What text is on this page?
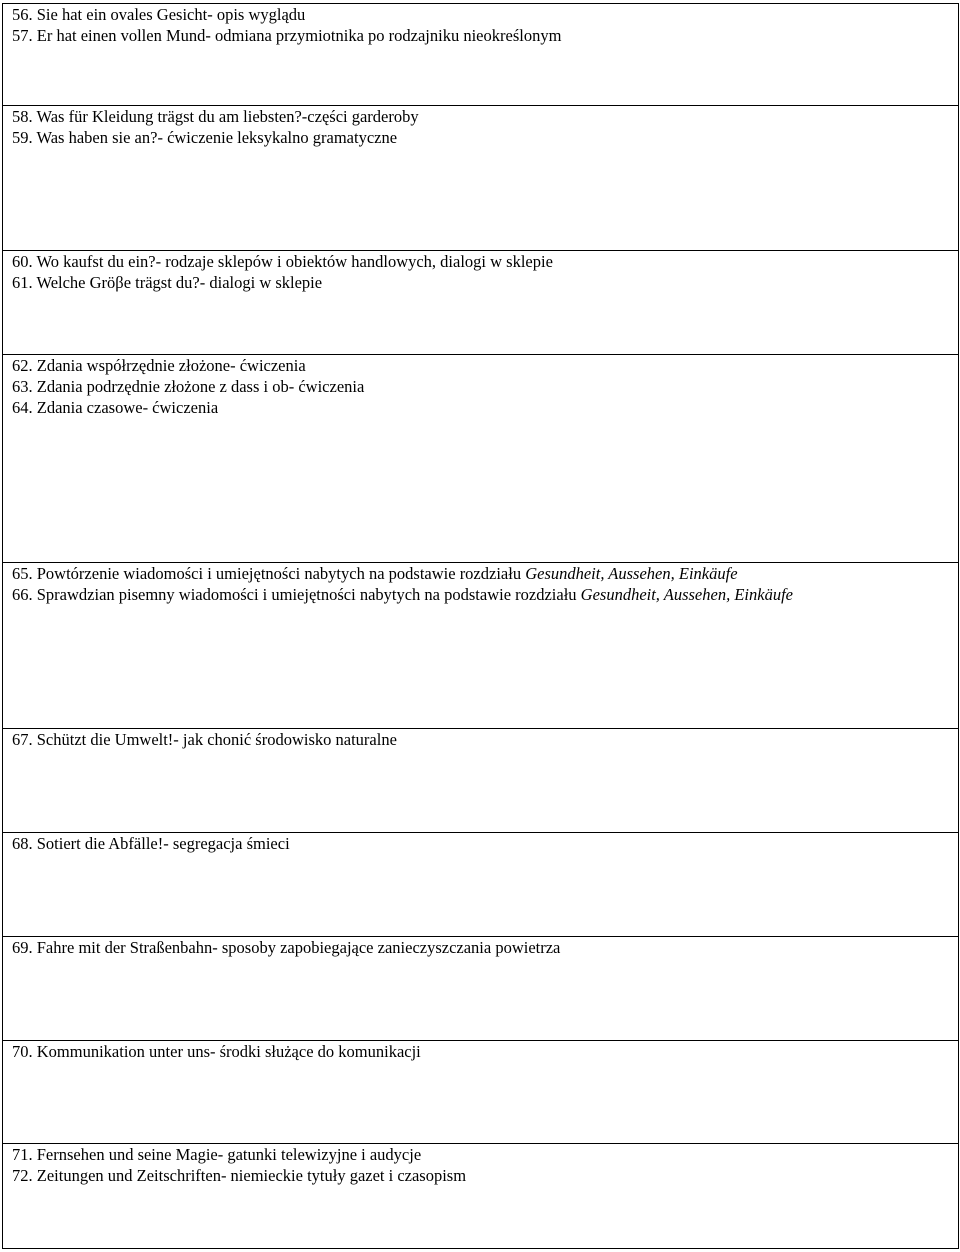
56. Sie hat ein ovales Gesicht- opis wyglądu
57. Er hat einen vollen Mund- odmiana przymiotnika po rodzajniku nieokreślonym

58. Was für Kleidung trägst du am liebsten?-części garderoby
59. Was haben sie an?- ćwiczenie leksykalno gramatyczne

60. Wo kaufst du ein?- rodzaje sklepów i obiektów handlowych, dialogi w sklepie
61. Welche Gröβe trägst du?- dialogi w sklepie

62. Zdania współrzędnie złożone- ćwiczenia
63. Zdania podrzędnie złożone z dass i ob- ćwiczenia
64. Zdania czasowe- ćwiczenia

65. Powtórzenie wiadomości i umiejętności nabytych na podstawie rozdziału Gesundheit, Aussehen, Einkäufe
66. Sprawdzian pisemny wiadomości i umiejętności nabytych na podstawie rozdziału Gesundheit, Aussehen, Einkäufe

67. Schützt die Umwelt!- jak chonić środowisko naturalne

68. Sotiert die Abfälle!- segregacja śmieci

69. Fahre mit der Straßenbahn- sposoby zapobiegające zanieczyszczania powietrza

70. Kommunikation unter uns- środki służące do komunikacji

71. Fernsehen und seine Magie- gatunki telewizyjne i audycje
72. Zeitungen und Zeitschriften- niemieckie tytuły gazet i czasopism
